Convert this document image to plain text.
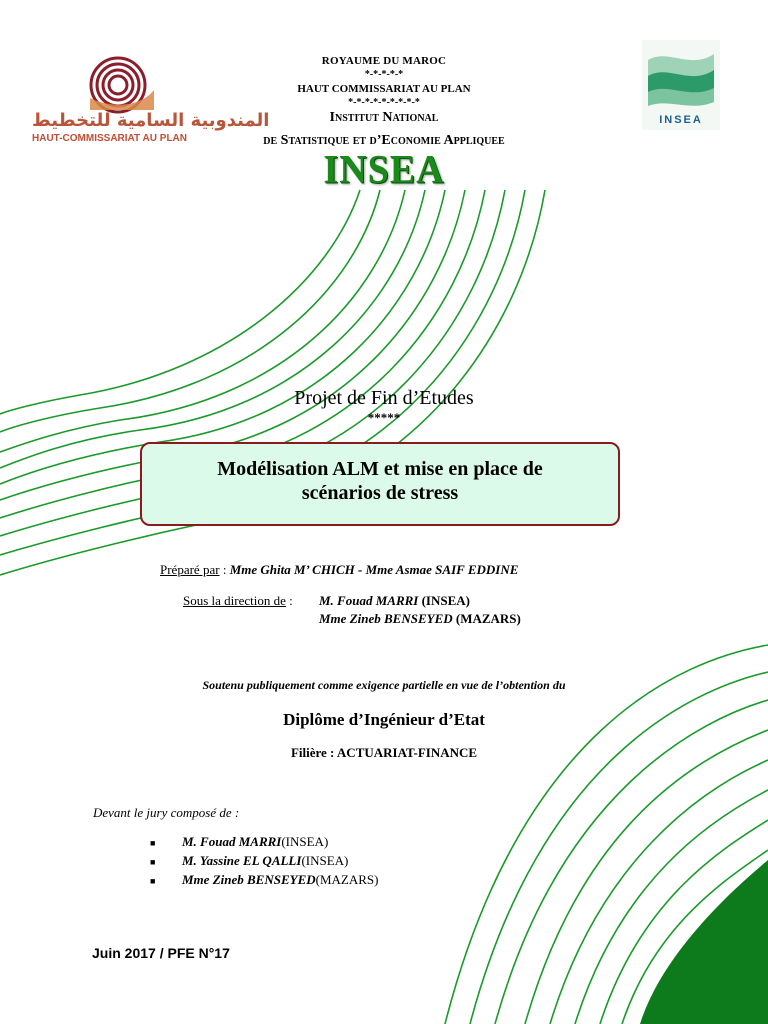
المندوبية السامية للتخطيط
HAUT-COMMISSARIAT AU PLAN
INSEA
ROYAUME DU MAROC
*-*-*-*-*
HAUT COMMISSARIAT AU PLAN
*-*-*-*-*-*-*-*-*
Institut National
de Statistique et d’Economie Appliquee
INSEA
Projet de Fin d’Etudes
*****
Modélisation ALM et mise en place de
scénarios de stress
Préparé par : Mme Ghita M’ CHICH - Mme Asmae SAIF EDDINE
Sous la direction de : M. Fouad MARRI (INSEA)
Mme Zineb BENSEYED (MAZARS)
Soutenu publiquement comme exigence partielle en vue de l’obtention du
Diplôme d’Ingénieur d’Etat
Filière : ACTUARIAT-FINANCE
Devant le jury composé de :
■	M. Fouad MARRI (INSEA)
■	M. Yassine EL QALLI (INSEA)
■	Mme Zineb BENSEYED (MAZARS)
Juin 2017 / PFE N°17
